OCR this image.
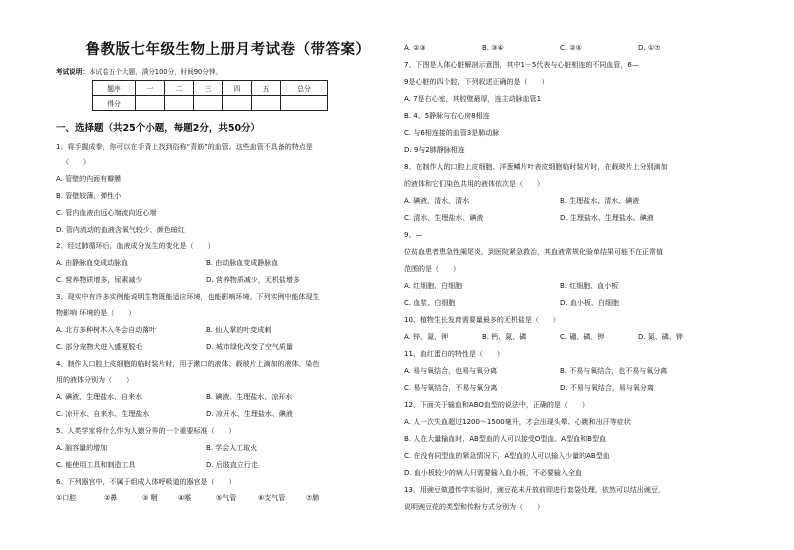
鲁教版七年级生物上册月考试卷（带答案）
考试说明：本试卷五个大题，满分100分，时间90分钟。
题序	一	二	三	四	五	总分
得分						
一、选择题（共25个小题，每题2分，共50分）
1、将手握成拳，你可以在手背上找到俗称“青筋”的血管。这些血管不具备的特点是
（　　）
A. 管壁的内面有瓣膜
B. 管壁较薄、弹性小
C. 管内血液由远心端流向近心端
D. 管内流动的血液含氧气较少、颜色暗红
2、经过肺循环后，血液成分发生的变化是（　　）
A. 由静脉血变成动脉血	B. 由动脉血变成静脉血
C. 营养物质增多，尿素减少	D. 营养物质减少，无机盐增多
3、现实中有许多实例能说明生物既能适应环境，也能影响环境。下列实例中能体现生
物影响 环境的是（　　）
A. 北方多种树木入冬会自动落叶	B. 仙人掌的叶变成刺
C. 部分宠物犬进入盛夏脱毛	D. 城市绿化改变了空气质量
4、制作人口腔上皮细胞的临时装片时，用于漱口的液体、载玻片上滴加的液体、染色
用的液体分别为（　　）
A. 碘液、生理盐水、自来水	B. 碘液、生理盐水、凉开水
C. 凉开水、自来水、生理盐水	D. 凉开水、生理盐水、碘液
5、人类学家将什么作为人猿分界的一个重要标准（　　）
A. 脑容量的增加	B. 学会人工取火
C. 能使用工具和制造工具	D. 后肢直立行走
6、下列器官中，不属于组成人体呼吸道的器官是（　　）
①口腔	②鼻	③ 咽	④喉	⑤气管	⑥支气管	⑦肺
A. ②③	B. ③④	C. ②⑤	D. ①⑦
7、下图是人体心脏解剖示意图，其中1－5代表与心脏相连的不同血管，6—
9是心脏的四个腔，下列叙述正确的是（　　）
A. 7是右心室，其腔壁最厚，连主动脉血管1
B. 4、5静脉与右心房8相连
C. 与6相连接的血管3是肺动脉
D. 9与2肺静脉相连
8、在制作人的口腔上皮细胞、洋葱鳞片叶表皮细胞临时装片时，在载玻片上分别滴加
的液体和它们染色共用的液体依次是（　　）
A. 碘液、清水、清水	B. 生理盐水、清水、碘液
C. 清水、生理盐水、碘液	D. 生理盐水、生理盐水、碘液
9、—
位贫血患者患急性阑尾炎，到医院紧急救治，其血液常规化验单结果可能不在正常值
范围的是（　　）
A. 红细胞、白细胞	B. 红细胞、血小板
C. 血浆、白细胞	D. 血小板、白细胞
10、植物生长发育需要量最多的无机盐是（　　）
A. 锌、氮、钾	B. 钙、氮、磷	C. 硼、磷、钾	D. 氮、磷、钾
11、血红蛋白的特性是（　　）
A. 易与氧结合，也易与氧分离	B. 不易与氧结合，也不易与氧分离
C. 易与氧结合，不易与氧分离	D. 不易与氧结合，易与氧分离
12、下面关于输血和ABO血型的说法中，正确的是（　　）
A. 人一次失血超过1200～1500毫升，才会出现头晕、心跳和出汗等症状
B. 人在大量输血时，AB型血的人可以接受O型血、A型血和B型血
C. 在没有同型血的紧急情况下，A型血的人可以输入少量的AB型血
D. 血小板较少的病人只需要输入血小板，不必要输入全血
13、用豌豆做遗传学实验时，豌豆花未开放前即进行套袋处理，依然可以结出豌豆，
说明豌豆花的类型和传粉方式分别为（　　）
